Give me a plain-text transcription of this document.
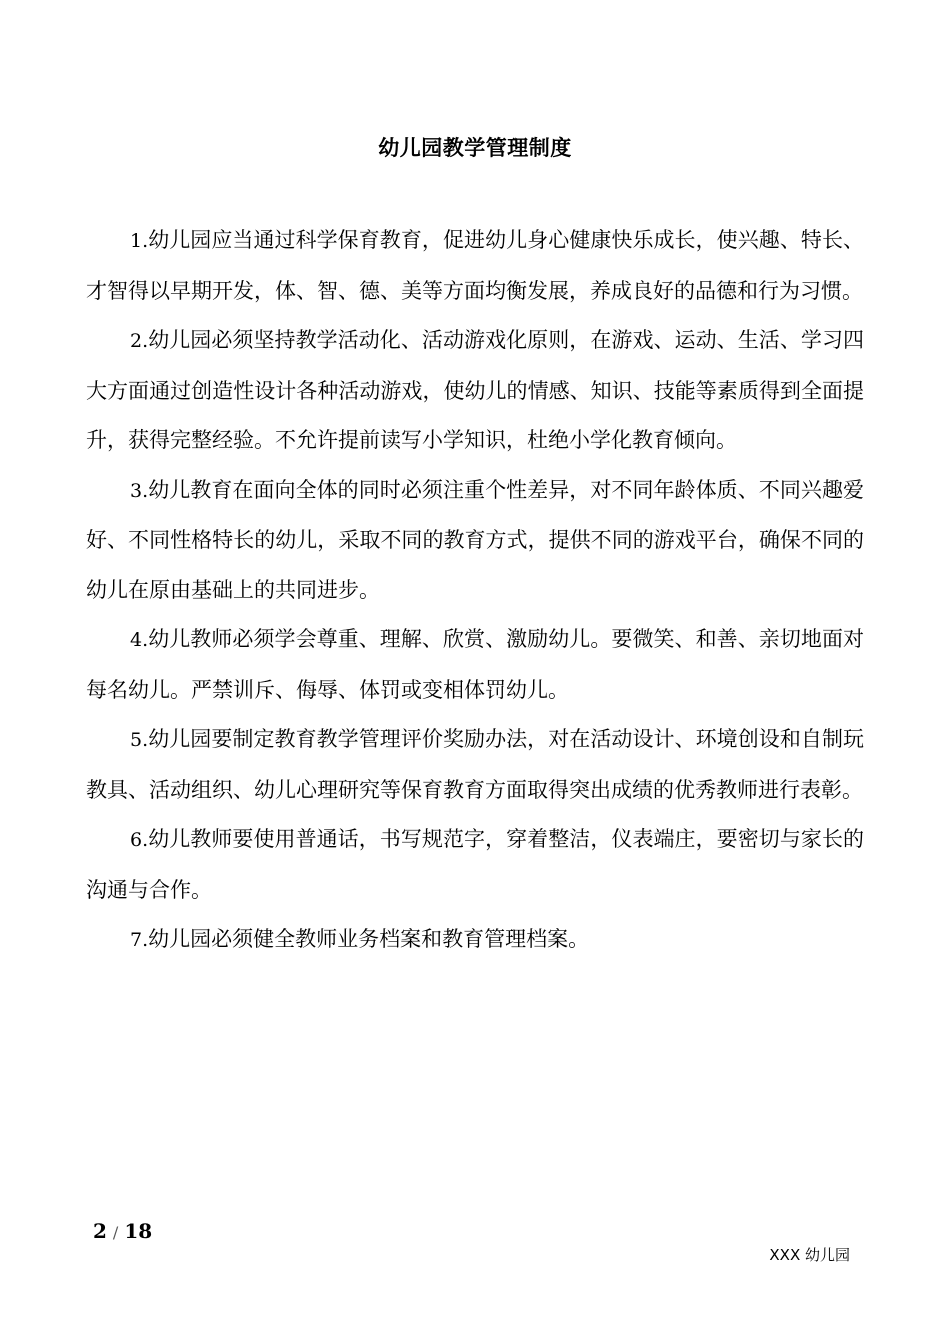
幼儿园教学管理制度

1.幼儿园应当通过科学保育教育，促进幼儿身心健康快乐成长，使兴趣、特长、才智得以早期开发，体、智、德、美等方面均衡发展，养成良好的品德和行为习惯。

2.幼儿园必须坚持教学活动化、活动游戏化原则，在游戏、运动、生活、学习四大方面通过创造性设计各种活动游戏，使幼儿的情感、知识、技能等素质得到全面提升，获得完整经验。不允许提前读写小学知识，杜绝小学化教育倾向。

3.幼儿教育在面向全体的同时必须注重个性差异，对不同年龄体质、不同兴趣爱好、不同性格特长的幼儿，采取不同的教育方式，提供不同的游戏平台，确保不同的幼儿在原由基础上的共同进步。

4.幼儿教师必须学会尊重、理解、欣赏、激励幼儿。要微笑、和善、亲切地面对每名幼儿。严禁训斥、侮辱、体罚或变相体罚幼儿。

5.幼儿园要制定教育教学管理评价奖励办法，对在活动设计、环境创设和自制玩教具、活动组织、幼儿心理研究等保育教育方面取得突出成绩的优秀教师进行表彰。

6.幼儿教师要使用普通话，书写规范字，穿着整洁，仪表端庄，要密切与家长的沟通与合作。

7.幼儿园必须健全教师业务档案和教育管理档案。

2 / 18
XXX 幼儿园
